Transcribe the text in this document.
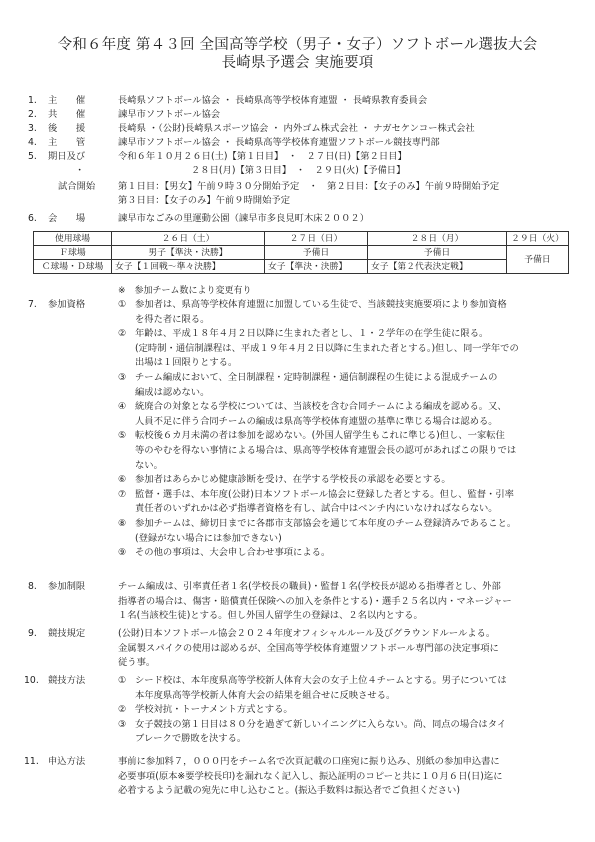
令和６年度 第４３回 全国高等学校（男子・女子）ソフトボール選抜大会
長崎県予選会 実施要項
1. 主　　催	長崎県ソフトボール協会 ・ 長崎県高等学校体育連盟 ・ 長崎県教育委員会
2. 共　　催	諫早市ソフトボール協会
3. 後　　援	長崎県 ・（公財)長崎県スポーツ協会 ・ 内外ゴム株式会社 ・ ナガセケンコー株式会社
4. 主　　管	諫早市ソフトボール協会 ・ 長崎県高等学校体育連盟ソフトボール競技専門部
5. 期日及び	令和６年１０月２６日(土)【第１日目】　・　２７日(日)【第２日目】
・	２８日(月)【第３日目】　・　２９日(火)【予備日】
試合開始 第１日目：【男女】午前９時３０分開始予定　・　第２日目：【女子のみ】午前９時開始予定
第３日目：【女子のみ】午前９時開始予定
6. 会　　場	諫早市なごみの里運動公園（諫早市多良見町木床２００２）
使用球場	２６日（土）	２７日（日）	２８日（月）	２９日（火）
Ｆ球場	男子【準決・決勝】	予備日	予備日	予備日
Ｃ球場・Ｄ球場	女子【１回戦～準々決勝】	女子【準決・決勝】	女子【第２代表決定戦】	
※　参加チーム数により変更有り
7. 参加資格	① 参加者は、県高等学校体育連盟に加盟している生徒で、当該競技実施要項により参加資格
を得た者に限る。
② 年齢は、平成１８年４月２日以降に生まれた者とし、１・２学年の在学生徒に限る。
(定時制・通信制課程は、平成１９年４月２日以降に生まれた者とする。)但し、同一学年での
出場は１回限りとする。
③ チーム編成において、全日制課程・定時制課程・通信制課程の生徒による混成チームの
編成は認めない。
④ 統廃合の対象となる学校については、当該校を含む合同チームによる編成を認める。又、
人員不足に伴う合同チームの編成は県高等学校体育連盟の基準に準じる場合は認める。
⑤ 転校後６カ月未満の者は参加を認めない。(外国人留学生もこれに準じる)但し、一家転住
等のやむを得ない事情による場合は、県高等学校体育連盟会長の認可があればこの限りでは
ない。
⑥ 参加者はあらかじめ健康診断を受け、在学する学校長の承認を必要とする。
⑦ 監督・選手は、本年度(公財)日本ソフトボール協会に登録した者とする。但し、監督・引率
責任者のいずれかは必ず指導者資格を有し、試合中はベンチ内にいなければならない。
⑧ 参加チームは、締切日までに各郡市支部協会を通じて本年度のチーム登録済みであること。
(登録がない場合には参加できない)
⑨ その他の事項は、大会申し合わせ事項による。
8. 参加制限	チーム編成は、引率責任者１名(学校長の職員)・監督１名(学校長が認める指導者とし、外部
指導者の場合は、傷害・賠償責任保険への加入を条件とする)・選手２５名以内・マネージャー
１名(当該校生徒)とする。但し外国人留学生の登録は、２名以内とする。
9. 競技規定	(公財)日本ソフトボール協会２０２４年度オフィシャルルール及びグラウンドルールよる。
金属製スパイクの使用は認めるが、全国高等学校体育連盟ソフトボール専門部の決定事項に
従う事。
10. 競技方法	① シード校は、本年度県高等学校新人体育大会の女子上位４チームとする。男子については
本年度県高等学校新人体育大会の結果を組合せに反映させる。
② 学校対抗・トーナメント方式とする。
③ 女子競技の第１日目は８０分を過ぎて新しいイニングに入らない。尚、同点の場合はタイ
ブレークで勝敗を決する。
11. 申込方法	事前に参加料７，０００円をチーム名で次頁記載の口座宛に振り込み、別紙の参加申込書に
必要事項(原本※要学校長印)を漏れなく記入し、振込証明のコピーと共に１０月６日(日)迄に
必着するよう記載の宛先に申し込むこと。(振込手数料は振込者でご負担ください)
